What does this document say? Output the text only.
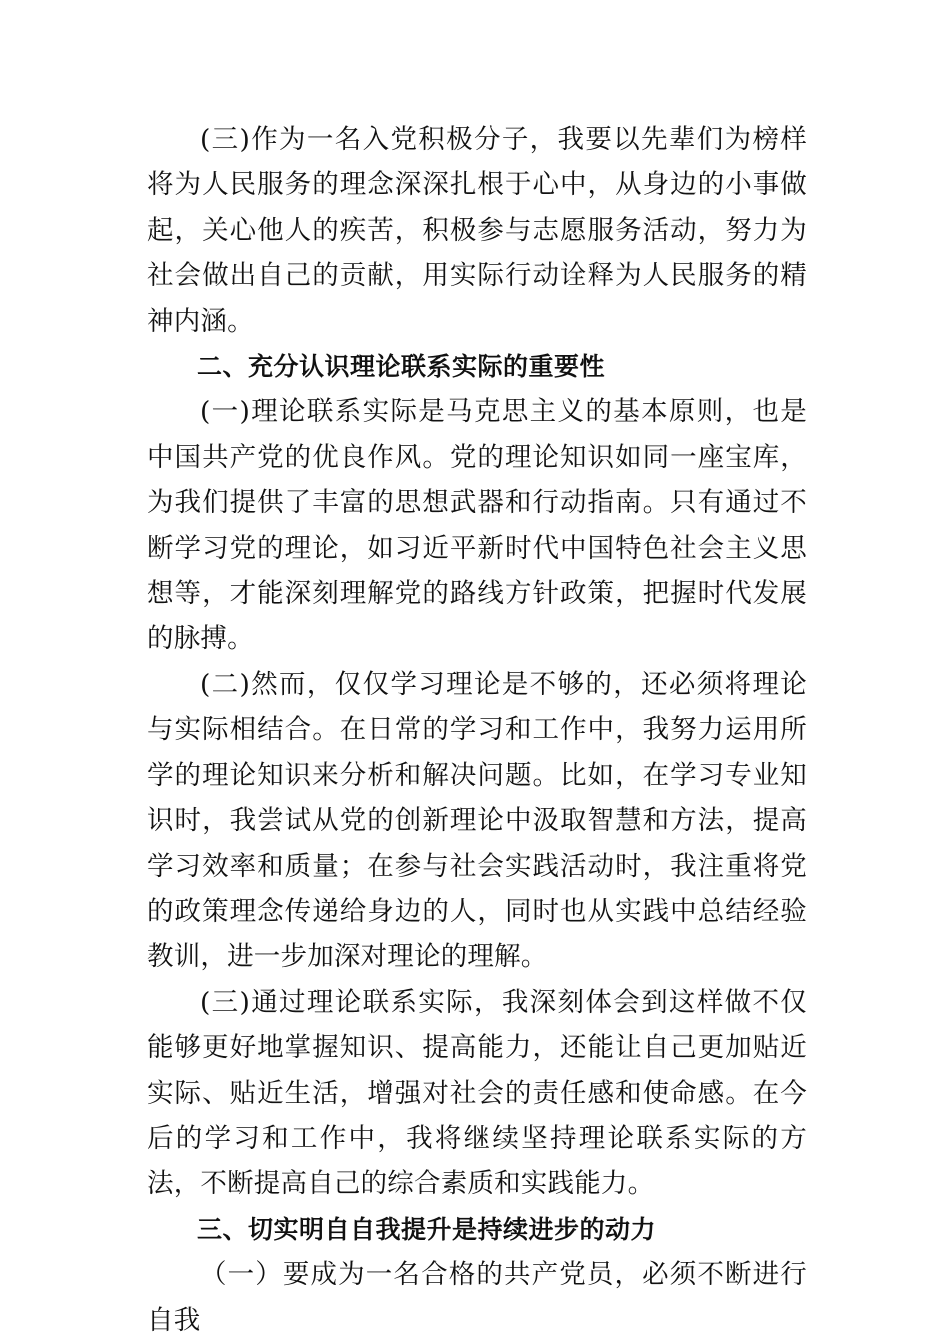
(三)作为一名入党积极分子，我要以先辈们为榜样将为人民服务的理念深深扎根于心中，从身边的小事做起，关心他人的疾苦，积极参与志愿服务活动，努力为社会做出自己的贡献，用实际行动诠释为人民服务的精神内涵。

二、充分认识理论联系实际的重要性

(一)理论联系实际是马克思主义的基本原则，也是中国共产党的优良作风。党的理论知识如同一座宝库，为我们提供了丰富的思想武器和行动指南。只有通过不断学习党的理论，如习近平新时代中国特色社会主义思想等，才能深刻理解党的路线方针政策，把握时代发展的脉搏。

(二)然而，仅仅学习理论是不够的，还必须将理论与实际相结合。在日常的学习和工作中，我努力运用所学的理论知识来分析和解决问题。比如，在学习专业知识时，我尝试从党的创新理论中汲取智慧和方法，提高学习效率和质量；在参与社会实践活动时，我注重将党的政策理念传递给身边的人，同时也从实践中总结经验教训，进一步加深对理论的理解。

(三)通过理论联系实际，我深刻体会到这样做不仅能够更好地掌握知识、提高能力，还能让自己更加贴近实际、贴近生活，增强对社会的责任感和使命感。在今后的学习和工作中，我将继续坚持理论联系实际的方法，不断提高自己的综合素质和实践能力。

三、切实明自自我提升是持续进步的动力

（一）要成为一名合格的共产党员，必须不断进行自我
